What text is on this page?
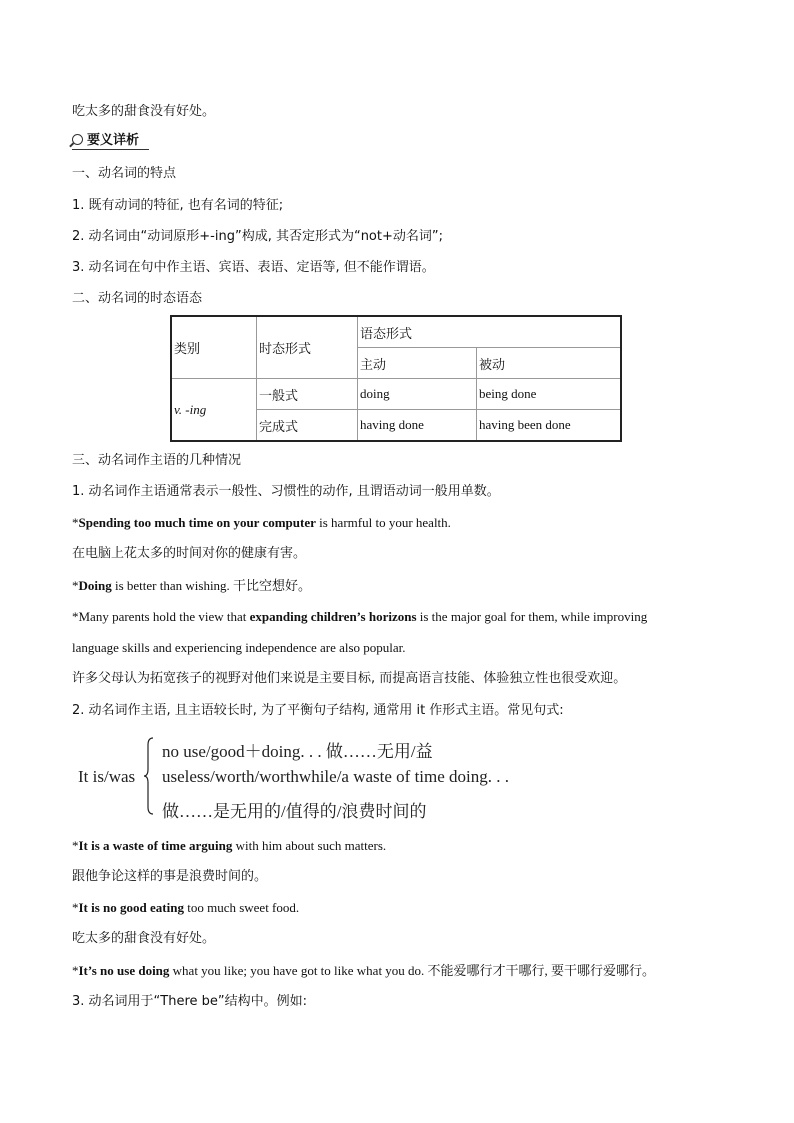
吃太多的甜食没有好处。
要义详析
一、动名词的特点
1. 既有动词的特征, 也有名词的特征;
2. 动名词由“动词原形+-ing”构成, 其否定形式为“not+动名词”;
3. 动名词在句中作主语、宾语、表语、定语等, 但不能作谓语。
二、动名词的时态语态
类别	时态形式	语态形式	
		主动	被动
v. -ing	一般式	doing	being done
	完成式	having done	having been done
三、动名词作主语的几种情况
1. 动名词作主语通常表示一般性、习惯性的动作, 且谓语动词一般用单数。
*Spending too much time on your computer is harmful to your health.
在电脑上花太多的时间对你的健康有害。
*Doing is better than wishing. 干比空想好。
*Many parents hold the view that expanding children’s horizons is the major goal for them, while improving
language skills and experiencing independence are also popular.
许多父母认为拓宽孩子的视野对他们来说是主要目标, 而提高语言技能、体验独立性也很受欢迎。
2. 动名词作主语, 且主语较长时, 为了平衡句子结构, 通常用 it 作形式主语。常见句式:
It is/was
no use/good＋doing. . . 做……无用/益
useless/worth/worthwhile/a waste of time doing. . .
做……是无用的/值得的/浪费时间的
*It is a waste of time arguing with him about such matters.
跟他争论这样的事是浪费时间的。
*It is no good eating too much sweet food.
吃太多的甜食没有好处。
*It’s no use doing what you like; you have got to like what you do. 不能爱哪行才干哪行, 要干哪行爱哪行。
3. 动名词用于“There be”结构中。例如:
